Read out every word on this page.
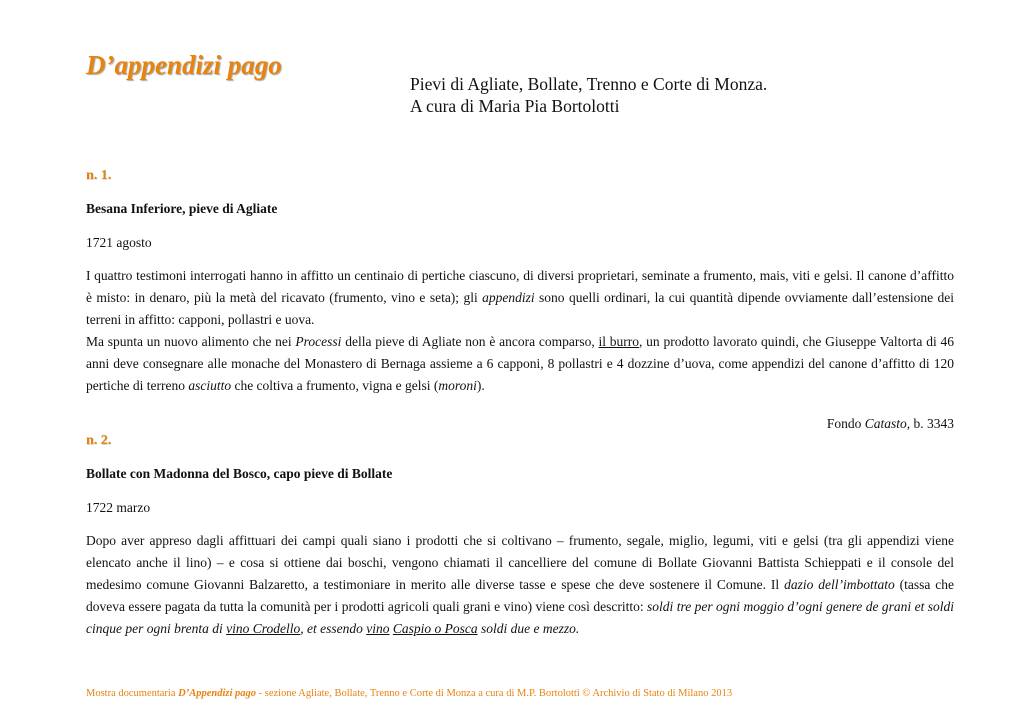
D’appendizi pago
Pievi di Agliate, Bollate, Trenno e Corte di Monza.
A cura di Maria Pia Bortolotti
n. 1.
Besana Inferiore, pieve di Agliate
1721 agosto

I quattro testimoni interrogati hanno in affitto un centinaio di pertiche ciascuno, di diversi proprietari, seminate a frumento, mais, viti e gelsi. Il canone d’affitto è misto: in denaro, più la metà del ricavato (frumento, vino e seta); gli appendizi sono quelli ordinari, la cui quantità dipende ovviamente dall’estensione dei terreni in affitto: capponi, pollastri e uova.

Ma spunta un nuovo alimento che nei Processi della pieve di Agliate non è ancora comparso, il burro, un prodotto lavorato quindi, che Giuseppe Valtorta di 46 anni deve consegnare alle monache del Monastero di Bernaga assieme a 6 capponi, 8 pollastri e 4 dozzine d’uova, come appendizi del canone d’affitto di 120 pertiche di terreno asciutto che coltiva a frumento, vigna e gelsi (moroni).

Fondo Catasto, b. 3343
n. 2.
Bollate con Madonna del Bosco, capo pieve di Bollate
1722 marzo

Dopo aver appreso dagli affittuari dei campi quali siano i prodotti che si coltivano – frumento, segale, miglio, legumi, viti e gelsi (tra gli appendizi viene elencato anche il lino) – e cosa si ottiene dai boschi, vengono chiamati il cancelliere del comune di Bollate Giovanni Battista Schieppati e il console del medesimo comune Giovanni Balzaretto, a testimoniare in merito alle diverse tasse e spese che deve sostenere il Comune. Il dazio dell’imbottato (tassa che doveva essere pagata da tutta la comunità per i prodotti agricoli quali grani e vino) viene così descritto: soldi tre per ogni moggio d’ogni genere de grani et soldi cinque per ogni brenta di vino Crodello, et essendo vino Caspio o Posca soldi due e mezzo.

Mostra documentaria D’Appendizi pago - sezione Agliate, Bollate, Trenno e Corte di Monza a cura di M.P. Bortolotti © Archivio di Stato di Milano 2013
